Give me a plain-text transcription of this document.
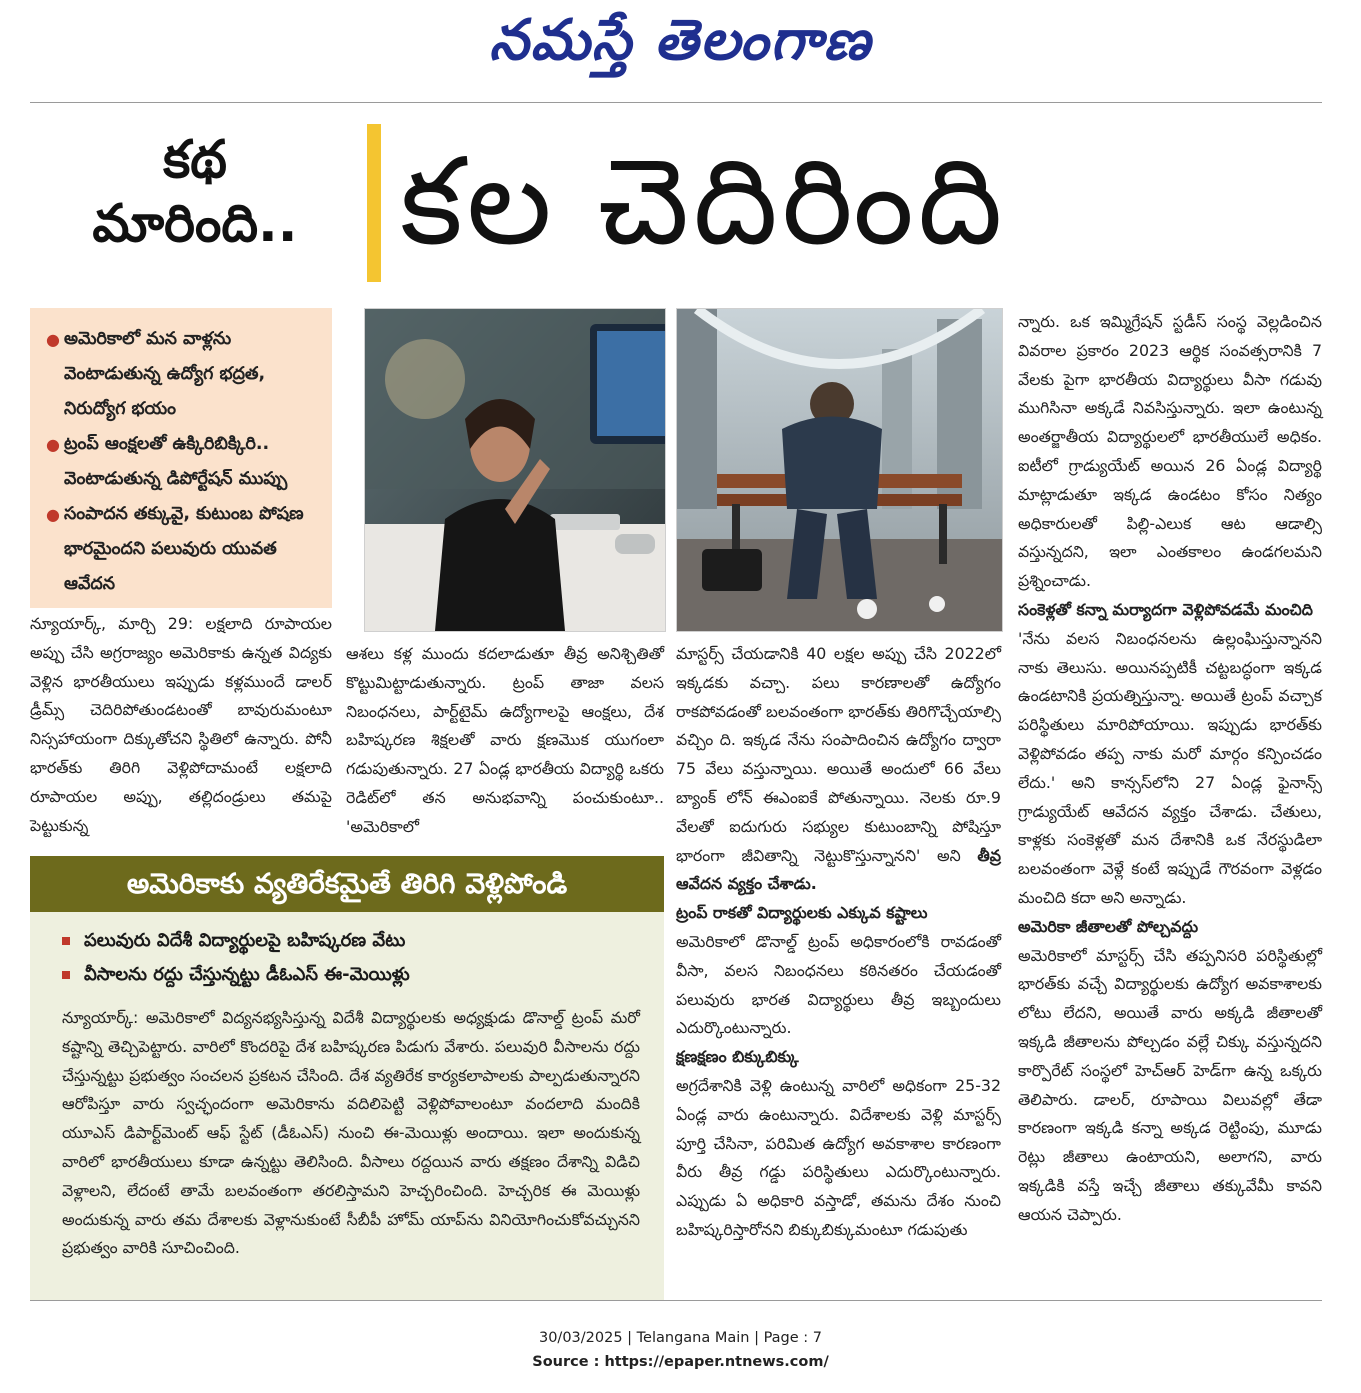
నమస్తే తెలంగాణ
కథ
మారింది.. కల చెదిరింది
● అమెరికాలో మన వాళ్లను వెంటాడుతున్న ఉద్యోగ భద్రత, నిరుద్యోగ భయం
● ట్రంప్ ఆంక్షలతో ఉక్కిరిబిక్కిరి.. వెంటాడుతున్న డిపోర్టేషన్ ముప్పు
● సంపాదన తక్కువై, కుటుంబ పోషణ భారమైందని పలువురు యువత ఆవేదన

న్యూయార్క్, మార్చి 29: లక్షలాది రూపాయల అప్పు చేసి అగ్రరాజ్యం అమెరికాకు ఉన్నత విద్యకు వెళ్లిన భారతీయులు ఇప్పుడు కళ్లముందే డాలర్ డ్రీమ్స్ చెదిరిపోతుండటంతో బావురుమంటూ నిస్సహాయంగా దిక్కుతోచని స్థితిలో ఉన్నారు. పోనీ భారత్‌కు తిరిగి వెళ్లిపోదామంటే లక్షలాది రూపాయల అప్పు, తల్లిదండ్రులు తమపై పెట్టుకున్న

ఆశలు కళ్ల ముందు కదలాడుతూ తీవ్ర అనిశ్చితితో కొట్టుమిట్టాడుతున్నారు. ట్రంప్ తాజా వలస నిబంధనలు, పార్ట్‌టైమ్ ఉద్యోగాలపై ఆంక్షలు, దేశ బహిష్కరణ శిక్షలతో వారు క్షణమొక యుగంలా గడుపుతున్నారు. 27 ఏండ్ల భారతీయ విద్యార్థి ఒకరు రెడిట్‌లో తన అనుభవాన్ని పంచుకుంటూ.. 'అమెరికాలో

మాస్టర్స్ చేయడానికి 40 లక్షల అప్పు చేసి 2022లో ఇక్కడకు వచ్చా. పలు కారణాలతో ఉద్యోగం రాకపోవడంతో బలవంతంగా భారత్‌కు తిరిగొచ్చేయాల్సి వచ్చిం ది. ఇక్కడ నేను సంపాదించిన ఉద్యోగం ద్వారా 75 వేలు వస్తున్నాయి. అయితే అందులో 66 వేలు బ్యాంక్ లోన్ ఈఎంఐకే పోతున్నాయి. నెలకు రూ.9 వేలతో ఐదుగురు సభ్యుల కుటుంబాన్ని పోషిస్తూ భారంగా జీవితాన్ని నెట్టుకొస్తున్నానని' అని తీవ్ర ఆవేదన వ్యక్తం చేశాడు.

ట్రంప్ రాకతో విద్యార్థులకు ఎక్కువ కష్టాలు

అమెరికాలో డొనాల్డ్ ట్రంప్ అధికారంలోకి రావడంతో వీసా, వలస నిబంధనలు కఠినతరం చేయడంతో పలువురు భారత విద్యార్థులు తీవ్ర ఇబ్బందులు ఎదుర్కొంటున్నారు.

క్షణక్షణం బిక్కుబిక్కు

అగ్రదేశానికి వెళ్లి ఉంటున్న వారిలో అధికంగా 25-32 ఏండ్ల వారు ఉంటున్నారు. విదేశాలకు వెళ్లి మాస్టర్స్ పూర్తి చేసినా, పరిమిత ఉద్యోగ అవకాశాల కారణంగా వీరు తీవ్ర గడ్డు పరిస్థితులు ఎదుర్కొంటున్నారు. ఎప్పుడు ఏ అధికారి వస్తాడో, తమను దేశం నుంచి బహిష్కరిస్తారోనని బిక్కుబిక్కుమంటూ గడుపుతు

న్నారు. ఒక ఇమ్మిగ్రేషన్ స్టడీస్ సంస్థ వెల్లడించిన వివరాల ప్రకారం 2023 ఆర్థిక సంవత్సరానికి 7 వేలకు పైగా భారతీయ విద్యార్థులు వీసా గడువు ముగిసినా అక్కడే నివసిస్తున్నారు. ఇలా ఉంటున్న అంతర్జాతీయ విద్యార్థులలో భారతీయులే అధికం. ఐటీలో గ్రాడ్యుయేట్ అయిన 26 ఏండ్ల విద్యార్థి మాట్లాడుతూ ఇక్కడ ఉండటం కోసం నిత్యం అధికారులతో పిల్లి-ఎలుక ఆట ఆడాల్సి వస్తున్నదని, ఇలా ఎంతకాలం ఉండగలమని ప్రశ్నించాడు.

సంకెళ్లతో కన్నా మర్యాదగా వెళ్లిపోవడమే మంచిది

'నేను వలస నిబంధనలను ఉల్లంఘిస్తున్నానని నాకు తెలుసు. అయినప్పటికీ చట్టబద్ధంగా ఇక్కడ ఉండటానికి ప్రయత్నిస్తున్నా. అయితే ట్రంప్ వచ్చాక పరిస్థితులు మారిపోయాయి. ఇప్పుడు భారత్‌కు వెళ్లిపోవడం తప్ప నాకు మరో మార్గం కన్పించడం లేదు.' అని కాన్సస్‌లోని 27 ఏండ్ల ఫైనాన్స్ గ్రాడ్యుయేట్ ఆవేదన వ్యక్తం చేశాడు. చేతులు, కాళ్లకు సంకెళ్లతో మన దేశానికి ఒక నేరస్థుడిలా బలవంతంగా వెళ్లే కంటే ఇప్పుడే గౌరవంగా వెళ్లడం మంచిది కదా అని అన్నాడు.

అమెరికా జీతాలతో పోల్చవద్దు

అమెరికాలో మాస్టర్స్ చేసి తప్పనిసరి పరిస్థితుల్లో భారత్‌కు వచ్చే విద్యార్థులకు ఉద్యోగ అవకాశాలకు లోటు లేదని, అయితే వారు అక్కడి జీతాలతో ఇక్కడి జీతాలను పోల్చడం వల్లే చిక్కు వస్తున్నదని కార్పొరేట్ సంస్థలో హెచ్‌ఆర్ హెడ్‌గా ఉన్న ఒక్కరు తెలిపారు. డాలర్, రూపాయి విలువల్లో తేడా కారణంగా ఇక్కడి కన్నా అక్కడ రెట్టింపు, మూడు రెట్లు జీతాలు ఉంటాయని, అలాగని, వారు ఇక్కడికి వస్తే ఇచ్చే జీతాలు తక్కువేమీ కావని ఆయన చెప్పారు.

అమెరికాకు వ్యతిరేకమైతే తిరిగి వెళ్లిపోండి
పలువురు విదేశీ విద్యార్థులపై బహిష్కరణ వేటు
వీసాలను రద్దు చేస్తున్నట్టు డీఓఎస్ ఈ-మెయిళ్లు

న్యూయార్క్: అమెరికాలో విద్యనభ్యసిస్తున్న విదేశీ విద్యార్థులకు అధ్యక్షుడు డొనాల్డ్ ట్రంప్ మరో కష్టాన్ని తెచ్చిపెట్టారు. వారిలో కొందరిపై దేశ బహిష్కరణ పిడుగు వేశారు. పలువురి వీసాలను రద్దు చేస్తున్నట్టు ప్రభుత్వం సంచలన ప్రకటన చేసింది. దేశ వ్యతిరేక కార్యకలాపాలకు పాల్పడుతున్నారని ఆరోపిస్తూ వారు స్వచ్ఛందంగా అమెరికాను వదిలిపెట్టి వెళ్లిపోవాలంటూ వందలాది మందికి యూఎస్ డిపార్ట్‌మెంట్ ఆఫ్ స్టేట్ (డీఓఎస్) నుంచి ఈ-మెయిళ్లు అందాయి. ఇలా అందుకున్న వారిలో భారతీయులు కూడా ఉన్నట్టు తెలిసింది. వీసాలు రద్దయిన వారు తక్షణం దేశాన్ని విడిచి వెళ్లాలని, లేదంటే తామే బలవంతంగా తరలిస్తామని హెచ్చరించింది. హెచ్చరిక ఈ మెయిళ్లు అందుకున్న వారు తమ దేశాలకు వెళ్లానుకుంటే సీబీపీ హోమ్ యాప్‌ను వినియోగించుకోవచ్చునని ప్రభుత్వం వారికి సూచించింది.

30/03/2025 | Telangana Main | Page : 7
Source : https://epaper.ntnews.com/
